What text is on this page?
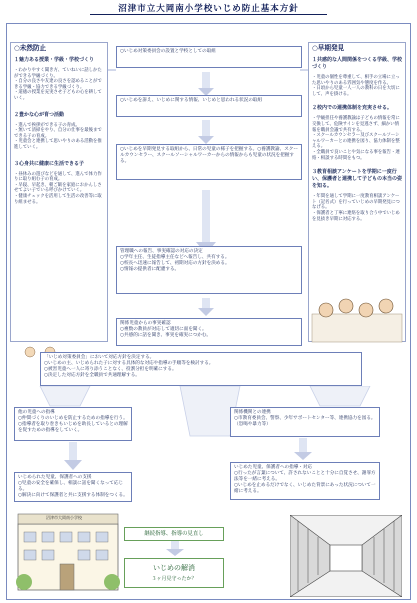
沼津市立大岡南小学校いじめ防止基本方針
○未然防止
１魅力ある授業・学級・学校づくり
・わかりやすく聞き方、ていねいに話しかたができる学級づくり。
・自分の良さや友達の良さを認めることができる学級・協力できる学級づくり。
・道徳の授業を充実させ子どもの心を耕していく。
２豊かな心が育つ活動
・進んで挨拶ができる子の育成。
・無いて清掃をやり、自分の仕事を最後までできる子の育成。
・児童会と連携して思いやりのある活動を推進していく。
３心身共に健康に生活できる子
・昼休みの遊びなどを通して、進んで体力作りに取り組む子の育成。
・早寝、早起き、朝ご飯を家庭におかんしさせてよい子でいる呼びかけていく。
・健康チェックを活用して生活の改善等に取り組ませる。
○早期発見
１共感的な人間関係をつくる学級、学校づくり
・児童の個性を尊重して、相手の立場に立った思いやりのある雰囲気や態度を作る。
・日頃から児童一人一人の教科の日を大切にして、声を掛ける。
２校内での連携体制を充実させる。
・学級担任や養護教諭は子どもの情報を常に交換して、危険サインを見逃さず、細かい情報を職員会議で共有する。
・スクールカウンセラー及びスクールソーシャルワーカーとの連携を図り、協力体制を整える。
・全職員で良いことや気になる事を報告・連絡・相談する時間をもつ。
３教育相談アンケートを学期に一度行い、保護者と連携して子どもの本当の姿を知る。
・年間を通して学期に一度教育相談アンケート（記名式）を行っていじめの早期発見につなげる。
・保護者と丁寧に連絡を取り合う中でいじめを見抜き早期に対応する。
○いじめ対策委員会の設置と学校としての取組
○いじめを訴え、いじめに関する情報、いじめと思われる状況の取組
○いじめを早期発見する取組から、日常の児童の様子を把握する。○養護教諭、スクールカウンセラー、スクールソーシャルワーカーからの情報からも児童の状況を把握する。
管理職への報告、事実確認の対応の決定
○学年主任、生徒指導主任などへ報告し、共有する。
○校長へ迅速に報告して、初期対応の方針を決める。
○情報の提供者に配慮する。
関係児童からの事実確認
○複数の教員が対応して適切に面を聞く。
○共感的に話を聞き、事実を確実につかむ。
「いじめ対策委員会」において対応方針を決定する。
○いじめの主、いじめられた子に対する具体的な対応や指導の手順等を検討する。
○被害児童へ一人に寄り添うことなく、役割分担を明確にする。
○決定した対応方針を全職員で共通理解する。
他の児童への指導
○仲間づくりのいじめを防止するための指導を行う。
○指導者を取り巻きもいじめを助長しているとの理解を促すための指導をしていく。
いじめられた児童、保護者への支援
○児童の安全を確保し、相談に話を聞くなって応じる。
○解決に向けて保護者と共に支援する体制をつくる。
関係機関との連携
○市教育委員会、警察、少年サポートセンター等、連携協力を図る。（恐喝や暴力等）
いじめた児童、保護者への指導・対応
○行ったが言葉について、許されないことと十分に自覚させ、謝罪方法等を一緒に考える。
○いじめを止めるだけでなく、いじめた背景にあった状況について一緒に考える。
継続指導、指導の見直し
いじめの解消
３ヶ月見守ったか？
沼津市大岡南小学校
